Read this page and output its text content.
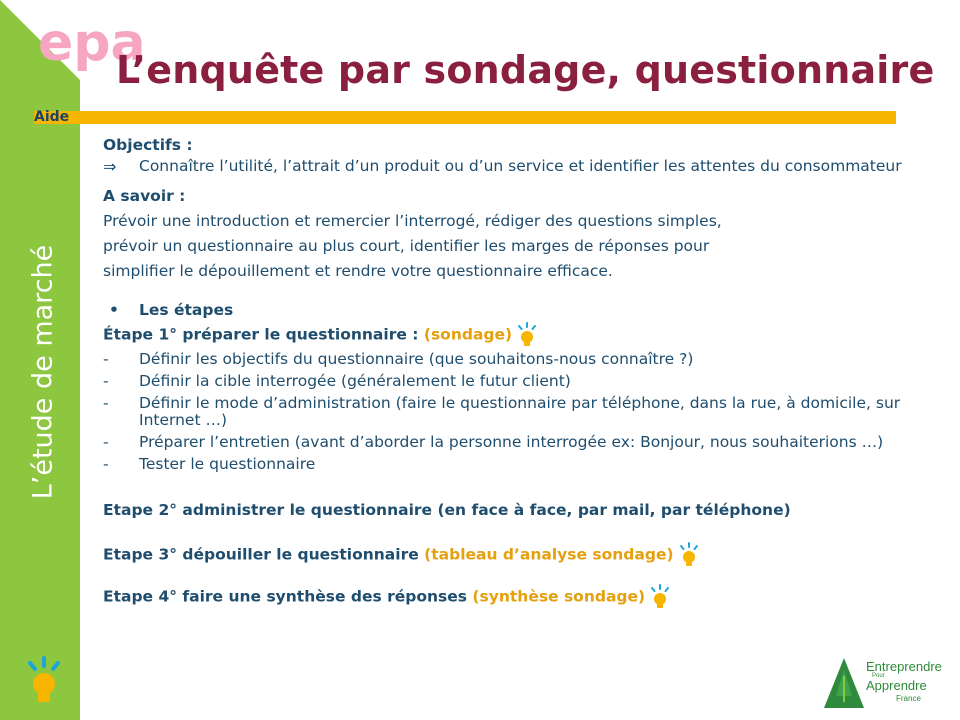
L’étude de marché
epa
L’enquête par sondage, questionnaire
Aide

Objectifs :

⇒ Connaître l’utilité, l’attrait d’un produit ou d’un service et identifier les attentes du consommateur

A savoir :

Prévoir une introduction et remercier l’interrogé, rédiger des questions simples,

prévoir un questionnaire au plus court, identifier les marges de réponses pour

simplifier le dépouillement et rendre votre questionnaire efficace.

• Les étapes

Étape 1° préparer le questionnaire : (sondage)

- Définir les objectifs du questionnaire (que souhaitons-nous connaître ?)
- Définir la cible interrogée (généralement le futur client)
- Définir le mode d’administration (faire le questionnaire par téléphone, dans la rue, à domicile, sur Internet …)
- Préparer l’entretien (avant d’aborder la personne interrogée ex: Bonjour, nous souhaiterions …)
- Tester le questionnaire

Etape 2° administrer le questionnaire (en face à face, par mail, par téléphone)

Etape 3° dépouiller le questionnaire (tableau d’analyse sondage)

Etape 4° faire une synthèse des réponses (synthèse sondage)

Entreprendre
Pour
Apprendre
France
